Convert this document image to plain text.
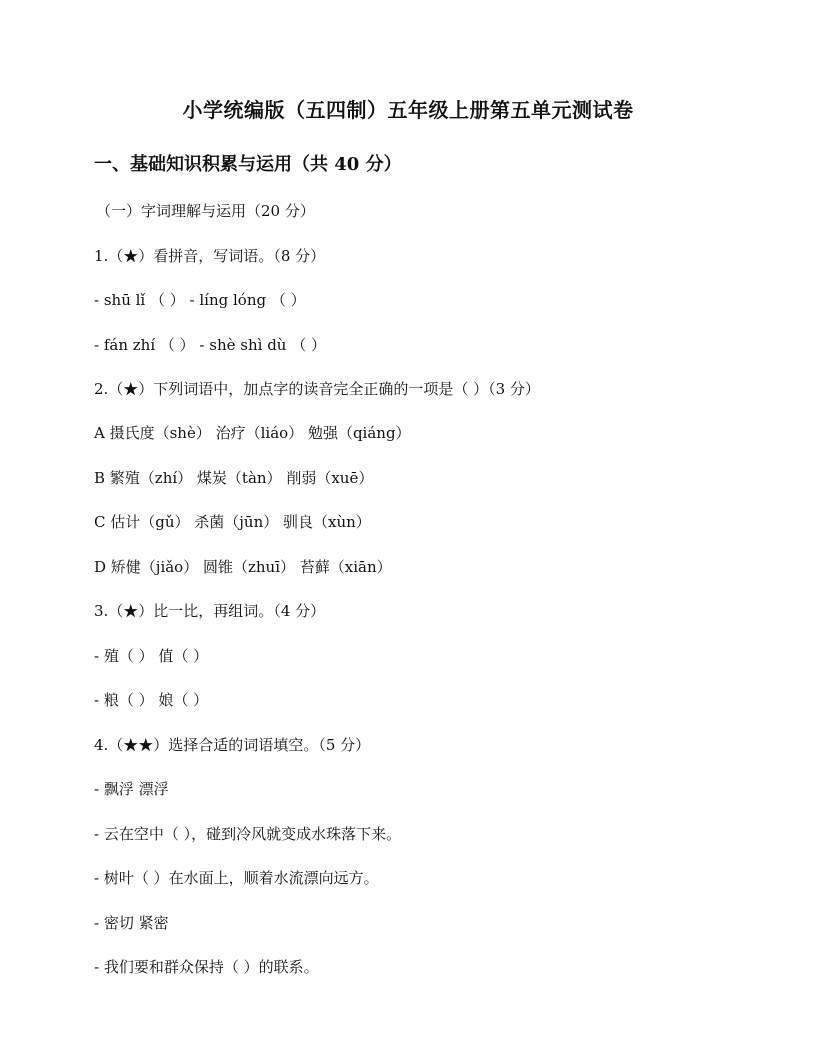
小学统编版（五四制）五年级上册第五单元测试卷
一、基础知识积累与运用（共 40 分）
（一）字词理解与运用（20 分）
1.（★）看拼音，写词语。（8 分）
- shū lǐ （ ） - líng lóng （ ）
- fán zhí （ ） - shè shì dù （ ）
2.（★）下列词语中，加点字的读音完全正确的一项是（ ）（3 分）
A 摄氏度（shè） 治疗（liáo） 勉强（qiáng）
B 繁殖（zhí） 煤炭（tàn） 削弱（xuē）
C 估计（gǔ） 杀菌（jūn） 驯良（xùn）
D 矫健（jiǎo） 圆锥（zhuī） 苔藓（xiān）
3.（★）比一比，再组词。（4 分）
- 殖（ ） 值（ ）
- 粮（ ） 娘（ ）
4.（★★）选择合适的词语填空。（5 分）
- 飘浮 漂浮
- 云在空中（ ），碰到冷风就变成水珠落下来。
- 树叶（ ）在水面上，顺着水流漂向远方。
- 密切 紧密
- 我们要和群众保持（ ）的联系。
